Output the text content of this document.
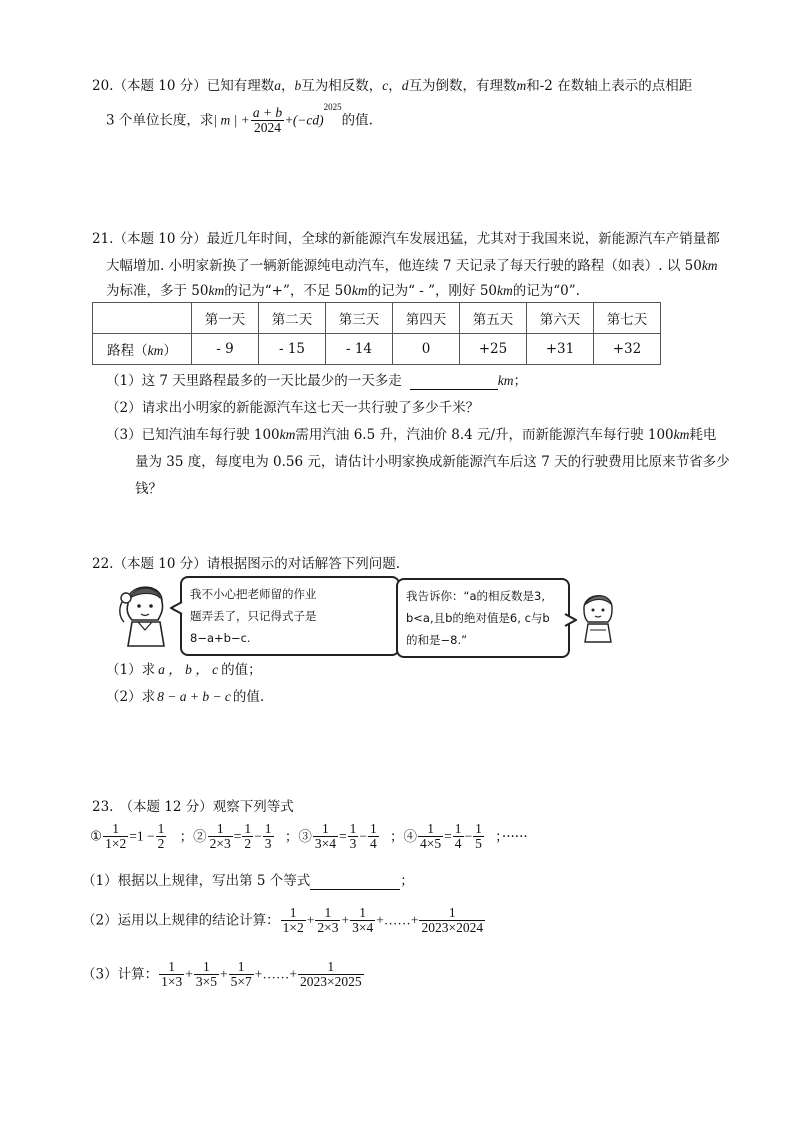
20.（本题 10 分）已知有理数a，b互为相反数，c，d互为倒数，有理数m和-2 在数轴上表示的点相距
3 个单位长度，求| m | + $\frac{a + b}{2024} +(-cd)^{2025}$的值.
21.（本题 10 分）最近几年时间，全球的新能源汽车发展迅猛，尤其对于我国来说，新能源汽车产销量都
大幅增加. 小明家新换了一辆新能源纯电动汽车，他连续 7 天记录了每天行驶的路程（如表）. 以 50km
为标准，多于 50km的记为“+”，不足 50km的记为“ - ”，刚好 50km的记为“0”.
	第一天	第二天	第三天	第四天	第五天	第六天	第七天
路程（km）	- 9	- 15	- 14	0	+25	+31	+32
（1）这 7 天里路程最多的一天比最少的一天多走	km；
（2）请求出小明家的新能源汽车这七天一共行驶了多少千米？
（3）已知汽油车每行驶 100km需用汽油 6.5 升，汽油价 8.4 元/升，而新能源汽车每行驶 100km耗电
量为 35 度，每度电为 0.56 元，请估计小明家换成新能源汽车后这 7 天的行驶费用比原来节省多少
钱？
22.（本题 10 分）请根据图示的对话解答下列问题.
我不小心把老师留的作业
题弄丢了，只记得式子是
8−a+b−c.
我告诉你：“a的相反数是3,
b<a,且b的绝对值是6, c与b
的和是−8.”
（1）求 a ， b ， c 的值；
（2）求 8 − a + b − c 的值.
23. （本题 12 分）观察下列等式
① $\frac{1}{1\times 2} =1 - \frac{1}{2}$ ；② $\frac{1}{2\times 3} = \frac{1}{2} - \frac{1}{3}$ ；③ $\frac{1}{3\times 4} = \frac{1}{3} - \frac{1}{4}$ ；④ $\frac{1}{4\times 5} = \frac{1}{4} - \frac{1}{5}$ ；······
（1）根据以上规律，写出第 5 个等式	；
（2）运用以上规律的结论计算： $\frac{1}{1\times 2} + \frac{1}{2\times 3} + \frac{1}{3\times 4}$ +……+ $\frac{1}{2023\times 2024}$
（3）计算： $\frac{1}{1\times 3} + \frac{1}{3\times 5} + \frac{1}{5\times 7}$ +……+ $\frac{1}{2023\times 2025}$
